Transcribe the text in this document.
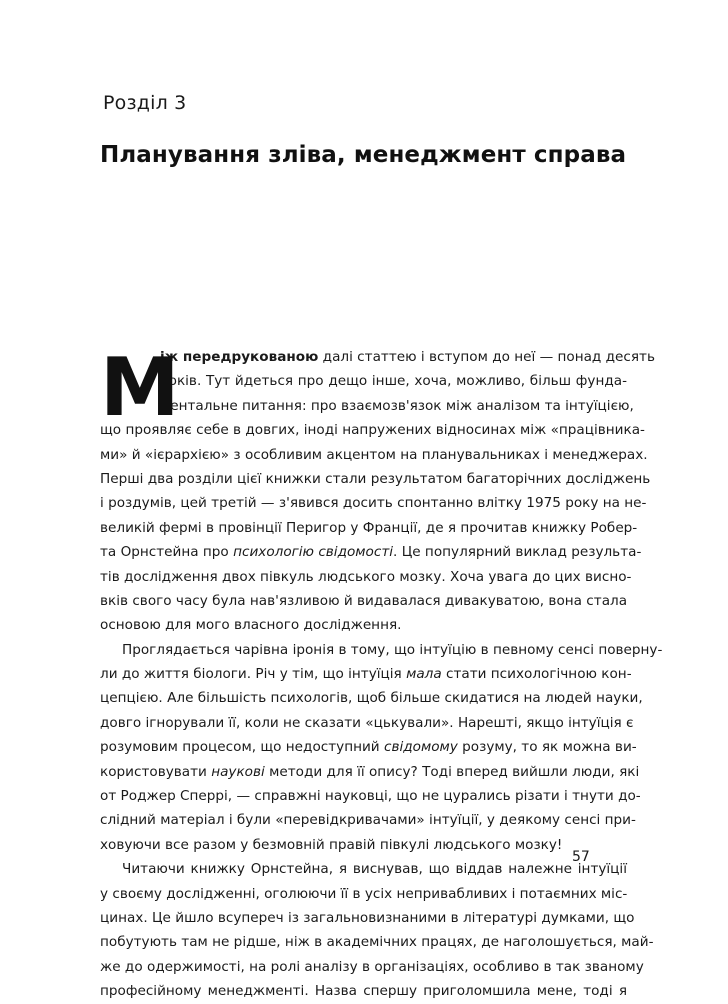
Розділ 3
Планування зліва, менеджмент справа
М
іж передрукованою далі статтею і вступом до неї — понад десять
років. Тут йдеться про дещо інше, хоча, можливо, більш фунда-
ментальне питання: про взаємозв'язок між аналізом та інтуїцією,
що проявляє себе в довгих, іноді напружених відносинах між «працівника-
ми» й «ієрархією» з особливим акцентом на планувальниках і менеджерах.
Перші два розділи цієї книжки стали результатом багаторічних досліджень
і роздумів, цей третій — з'явився досить спонтанно влітку 1975 року на не-
великій фермі в провінції Перигор у Франції, де я прочитав книжку Робер-
та Орнстейна про психологію свідомості. Це популярний виклад результа-
тів дослідження двох півкуль людського мозку. Хоча увага до цих висно-
вків свого часу була нав'язливою й видавалася дивакуватою, вона стала
основою для мого власного дослідження.
Проглядається чарівна іронія в тому, що інтуїцію в певному сенсі поверну-
ли до життя біологи. Річ у тім, що інтуїція мала стати психологічною кон-
цепцією. Але більшість психологів, щоб більше скидатися на людей науки,
довго ігнорували її, коли не сказати «цькували». Нарешті, якщо інтуїція є
розумовим процесом, що недоступний свідомому розуму, то як можна ви-
користовувати наукові методи для її опису? Тоді вперед вийшли люди, які
от Роджер Сперрі, — справжні науковці, що не цурались різати і тнути до-
слідний матеріал і були «перевідкривачами» інтуїції, у деякому сенсі при-
ховуючи все разом у безмовній правій півкулі людського мозку!
Читаючи книжку Орнстейна, я виснував, що віддав належне інтуїції
у своєму дослідженні, оголюючи її в усіх непривабливих і потаємних міс-
цинах. Це йшло всупереч із загальновизнаними в літературі думками, що
побутують там не рідше, ніж в академічних працях, де наголошується, май-
же до одержимості, на ролі аналізу в організаціях, особливо в так званому
професійному менеджменті. Назва спершу приголомшила мене, тоді я
57
